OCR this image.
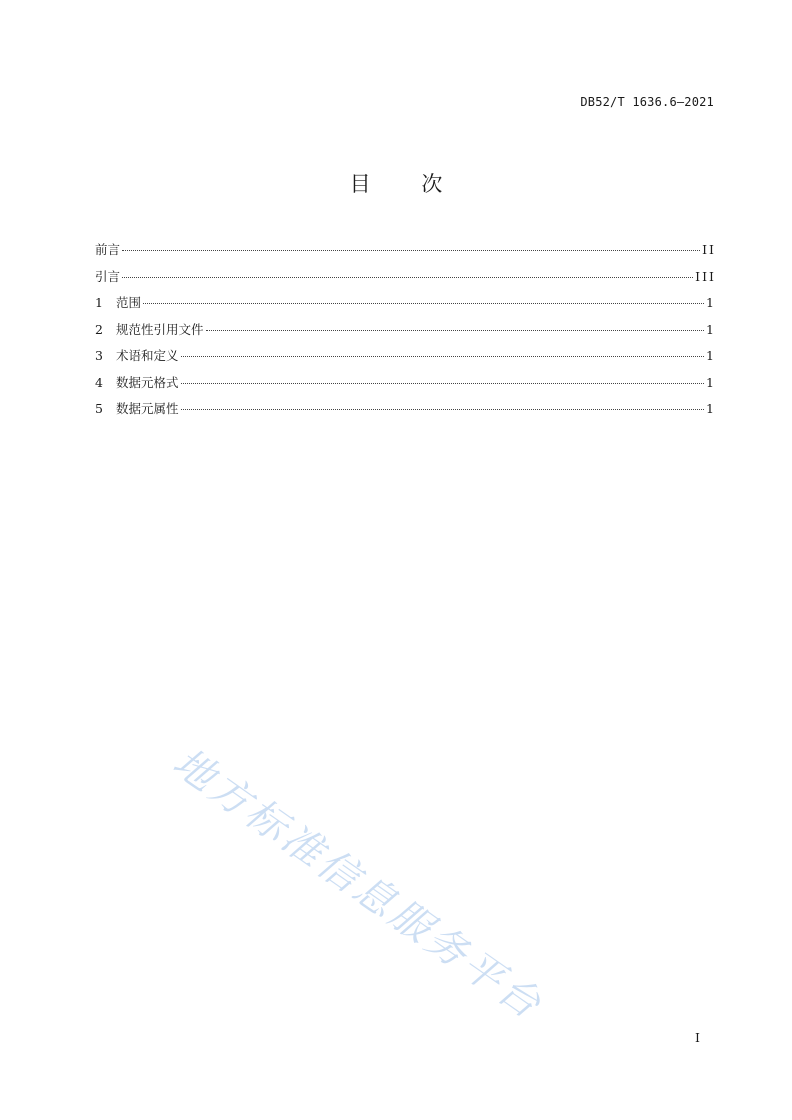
DB52/T 1636.6—2021
目 次
前言	II
引言	III
1	范围	1
2	规范性引用文件	1
3	术语和定义	1
4	数据元格式	1
5	数据元属性	1
地方标准信息服务平台
I
